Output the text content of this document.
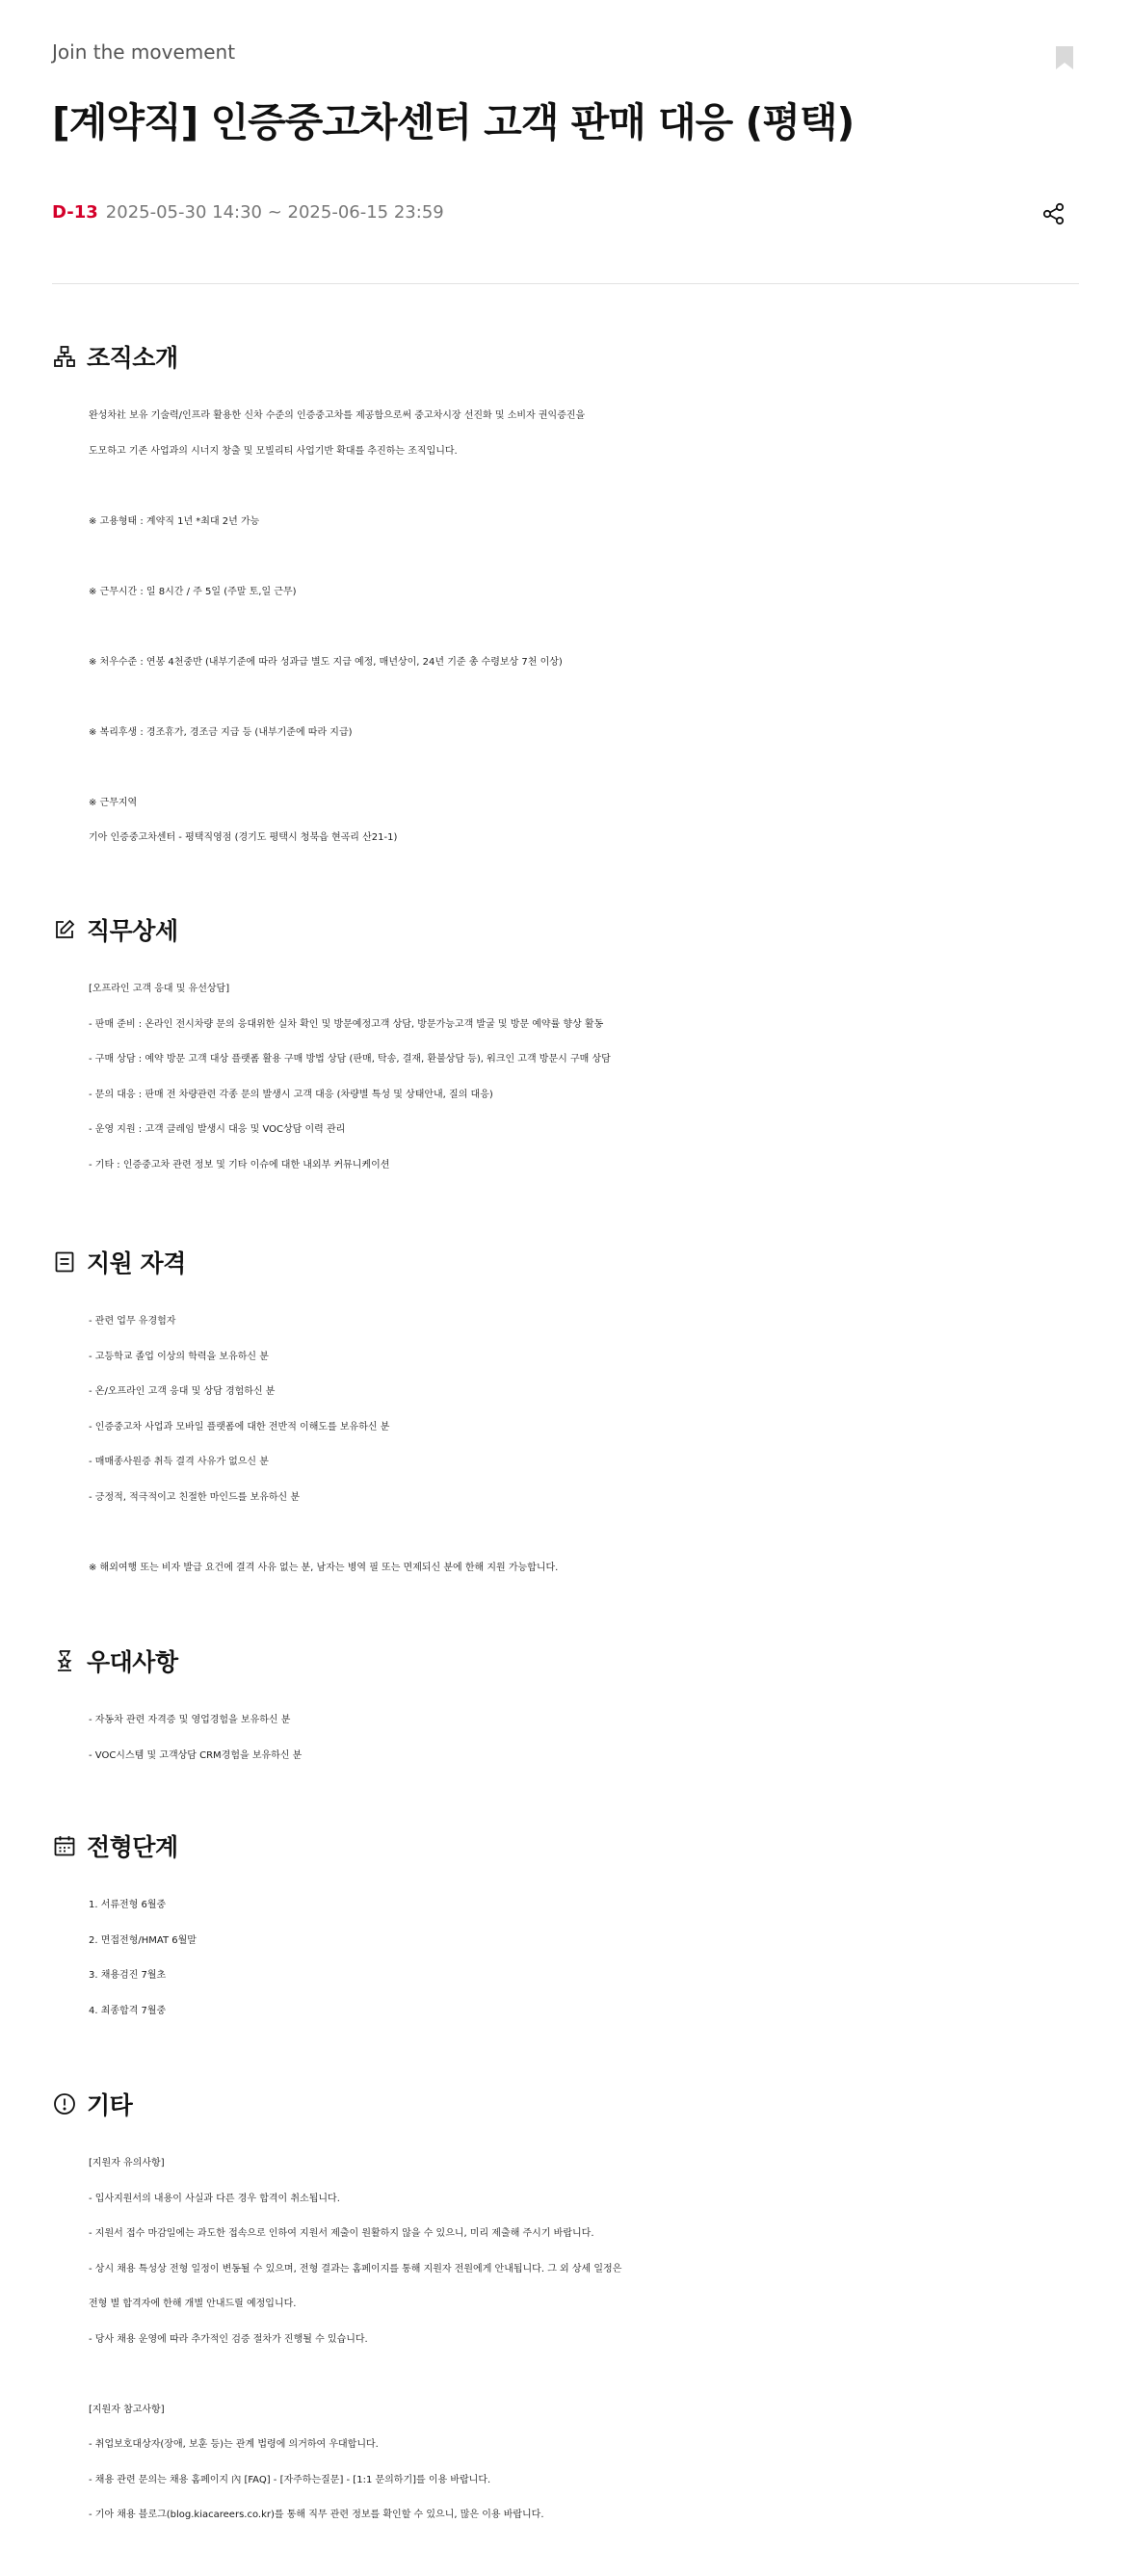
Join the movement
[계약직] 인증중고차센터 고객 판매 대응 (평택)
D-13 2025-05-30 14:30 ~ 2025-06-15 23:59
조직소개
완성차社 보유 기술력/인프라 활용한 신차 수준의 인증중고차를 제공함으로써 중고차시장 선진화 및 소비자 권익증진을
도모하고 기존 사업과의 시너지 창출 및 모빌리티 사업기반 확대를 추진하는 조직입니다.
※ 고용형태 : 계약직 1년 *최대 2년 가능
※ 근무시간 : 일 8시간 / 주 5일 (주말 토,일 근무)
※ 처우수준 : 연봉 4천중반 (내부기준에 따라 성과급 별도 지급 예정, 매년상이, 24년 기준 총 수령보상 7천 이상)
※ 복리후생 : 경조휴가, 경조금 지급 등 (내부기준에 따라 지급)
※ 근무지역
기아 인증중고차센터 - 평택직영점 (경기도 평택시 청북읍 현곡리 산21-1)
직무상세
[오프라인 고객 응대 및 유선상담]
- 판매 준비 : 온라인 전시차량 문의 응대위한 실차 확인 및 방문예정고객 상담, 방문가능고객 발굴 및 방문 예약률 향상 활동
- 구매 상담 : 예약 방문 고객 대상 플랫폼 활용 구매 방법 상담 (판매, 탁송, 결재, 환불상담 등), 워크인 고객 방문시 구매 상담
- 문의 대응 : 판매 전 차량관련 각종 문의 발생시 고객 대응 (차량별 특성 및 상태안내, 질의 대응)
- 운영 지원 : 고객 클레임 발생시 대응 및 VOC상담 이력 관리
- 기타 : 인증중고차 관련 정보 및 기타 이슈에 대한 내외부 커뮤니케이션
지원 자격
- 관련 업무 유경험자
- 고등학교 졸업 이상의 학력을 보유하신 분
- 온/오프라인 고객 응대 및 상담 경험하신 분
- 인증중고차 사업과 모바일 플랫폼에 대한 전반적 이해도를 보유하신 분
- 매매종사원증 취득 결격 사유가 없으신 분
- 긍정적, 적극적이고 친절한 마인드를 보유하신 분
※ 해외여행 또는 비자 발급 요건에 결격 사유 없는 분, 남자는 병역 필 또는 면제되신 분에 한해 지원 가능합니다.
우대사항
- 자동차 관련 자격증 및 영업경험을 보유하신 분
- VOC시스템 및 고객상담 CRM경험을 보유하신 분
전형단계
1. 서류전형 6월중
2. 면접전형/HMAT 6월말
3. 채용검진 7월초
4. 최종합격 7월중
기타
[지원자 유의사항]
- 입사지원서의 내용이 사실과 다른 경우 합격이 취소됩니다.
- 지원서 접수 마감일에는 과도한 접속으로 인하여 지원서 제출이 원활하지 않을 수 있으니, 미리 제출해 주시기 바랍니다.
- 상시 채용 특성상 전형 일정이 변동될 수 있으며, 전형 결과는 홈페이지를 통해 지원자 전원에게 안내됩니다. 그 외 상세 일정은
전형 별 합격자에 한해 개별 안내드릴 예정입니다.
- 당사 채용 운영에 따라 추가적인 검증 절차가 진행될 수 있습니다.
[지원자 참고사항]
- 취업보호대상자(장애, 보훈 등)는 관계 법령에 의거하여 우대합니다.
- 채용 관련 문의는 채용 홈페이지 內 [FAQ] - [자주하는질문] - [1:1 문의하기]를 이용 바랍니다.
- 기아 채용 블로그(blog.kiacareers.co.kr)를 통해 직무 관련 정보를 확인할 수 있으니, 많은 이용 바랍니다.
